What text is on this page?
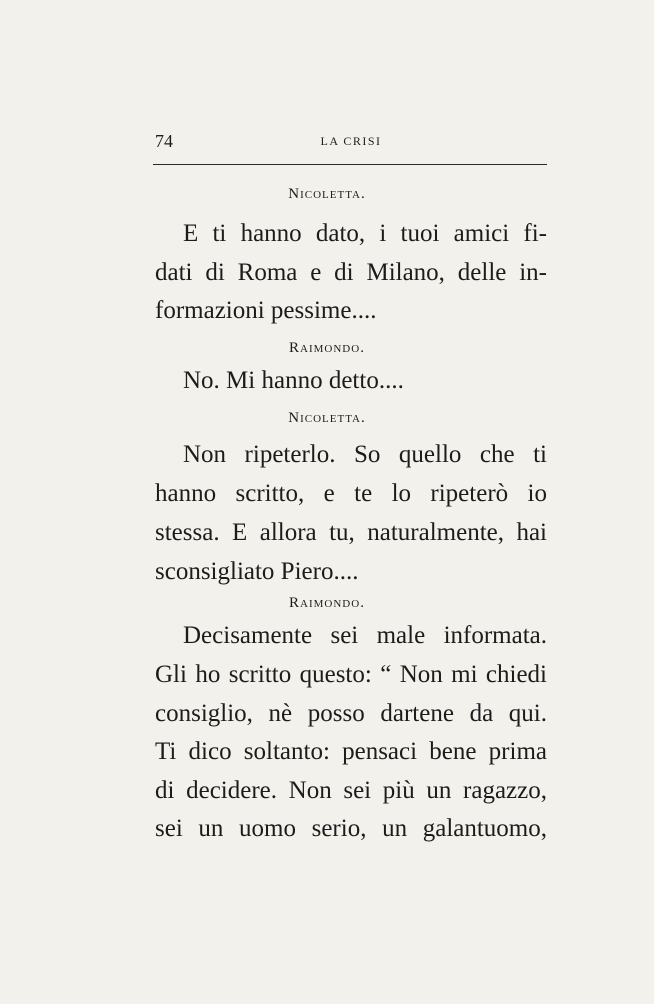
74	LA CRISI
Nicoletta.
E ti hanno dato, i tuoi amici fi-
dati di Roma e di Milano, delle in-
formazioni pessime....
Raimondo.
No. Mi hanno detto....
Nicoletta.
Non ripeterlo. So quello che ti
hanno scritto, e te lo ripeterò io
stessa. E allora tu, naturalmente, hai
sconsigliato Piero....
Raimondo.
Decisamente sei male informata.
Gli ho scritto questo: “ Non mi chiedi
consiglio, nè posso dartene da qui.
Ti dico soltanto: pensaci bene prima
di decidere. Non sei più un ragazzo,
sei un uomo serio, un galantuomo,
